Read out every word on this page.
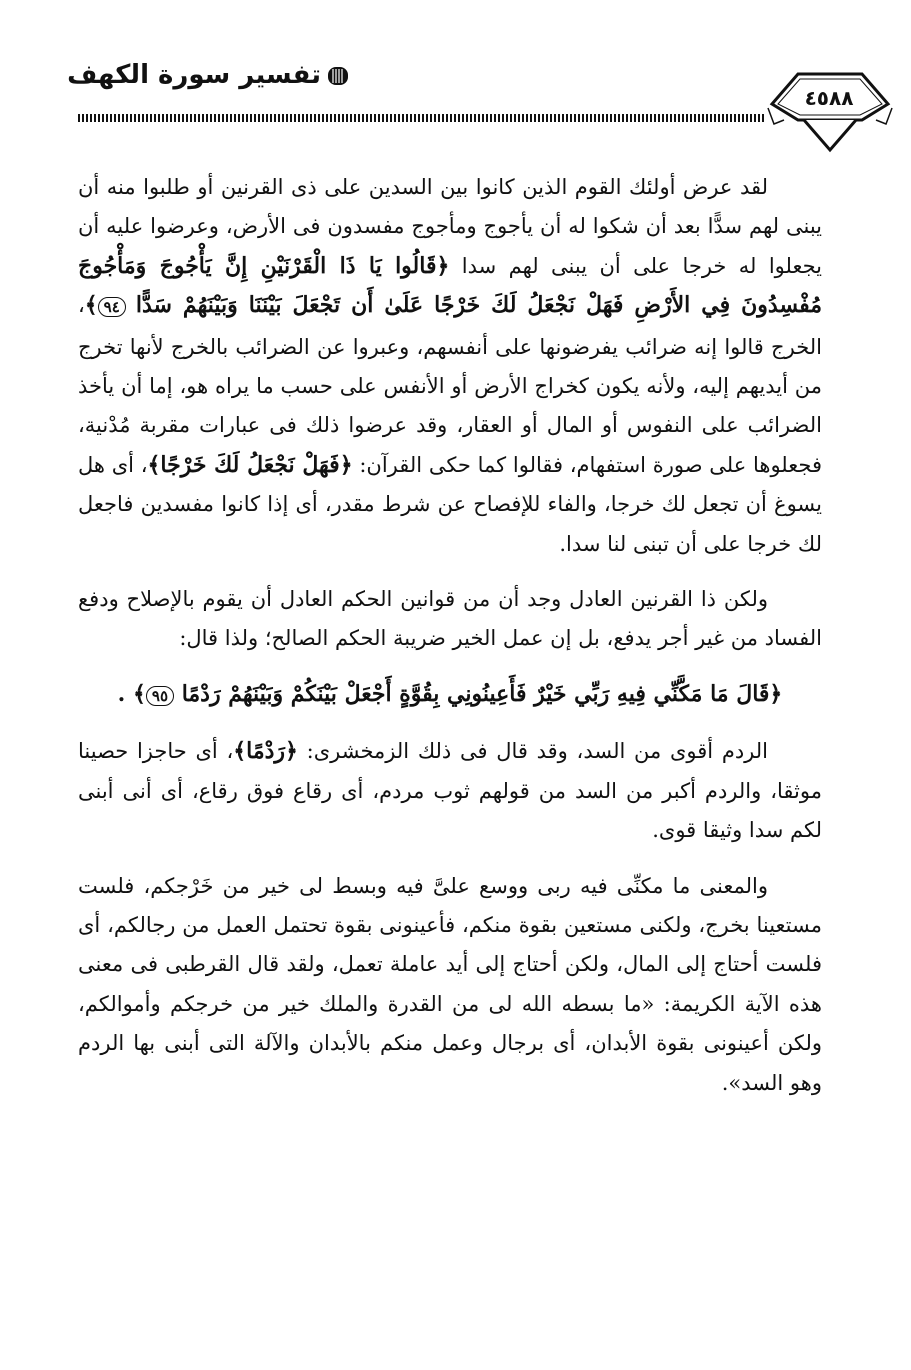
تفسير سورة الكهف
٤٥٨٨

لقد عرض أولئك القوم الذين كانوا بين السدين على ذى القرنين أو طلبوا منه أن يبنى لهم سدًّا بعد أن شكوا له أن يأجوج ومأجوج مفسدون فى الأرض، وعرضوا عليه أن يجعلوا له خرجا على أن يبنى لهم سدا ﴿قَالُوا يَا ذَا الْقَرْنَيْنِ إِنَّ يَأْجُوجَ وَمَأْجُوجَ مُفْسِدُونَ فِي الأَرْضِ فَهَلْ نَجْعَلُ لَكَ خَرْجًا عَلَىٰ أَن تَجْعَلَ بَيْنَنَا وَبَيْنَهُمْ سَدًّا ٩٤﴾، الخرج قالوا إنه ضرائب يفرضونها على أنفسهم، وعبروا عن الضرائب بالخرج لأنها تخرج من أيديهم إليه، ولأنه يكون كخراج الأرض أو الأنفس على حسب ما يراه هو، إما أن يأخذ الضرائب على النفوس أو المال أو العقار، وقد عرضوا ذلك فى عبارات مقربة مُدْنية، فجعلوها على صورة استفهام، فقالوا كما حكى القرآن: ﴿فَهَلْ نَجْعَلُ لَكَ خَرْجًا﴾، أى هل يسوغ أن تجعل لك خرجا، والفاء للإفصاح عن شرط مقدر، أى إذا كانوا مفسدين فاجعل لك خرجا على أن تبنى لنا سدا.

ولكن ذا القرنين العادل وجد أن من قوانين الحكم العادل أن يقوم بالإصلاح ودفع الفساد من غير أجر يدفع، بل إن عمل الخير ضريبة الحكم الصالح؛ ولذا قال:

﴿قَالَ مَا مَكَّنِّي فِيهِ رَبِّي خَيْرٌ فَأَعِينُونِي بِقُوَّةٍ أَجْعَلْ بَيْنَكُمْ وَبَيْنَهُمْ رَدْمًا ٩٥﴾ .

الردم أقوى من السد، وقد قال فى ذلك الزمخشرى: ﴿رَدْمًا﴾، أى حاجزا حصينا موثقا، والردم أكبر من السد من قولهم ثوب مردم، أى رقاع فوق رقاع، أى أنى أبنى لكم سدا وثيقا قوى.

والمعنى ما مكنِّى فيه ربى ووسع علىَّ فيه وبسط لى خير من خَرْجكم، فلست مستعينا بخرج، ولكنى مستعين بقوة منكم، فأعينونى بقوة تحتمل العمل من رجالكم، أى فلست أحتاج إلى المال، ولكن أحتاج إلى أيد عاملة تعمل، ولقد قال القرطبى فى معنى هذه الآية الكريمة: «ما بسطه الله لى من القدرة والملك خير من خرجكم وأموالكم، ولكن أعينونى بقوة الأبدان، أى برجال وعمل منكم بالأبدان والآلة التى أبنى بها الردم وهو السد».
